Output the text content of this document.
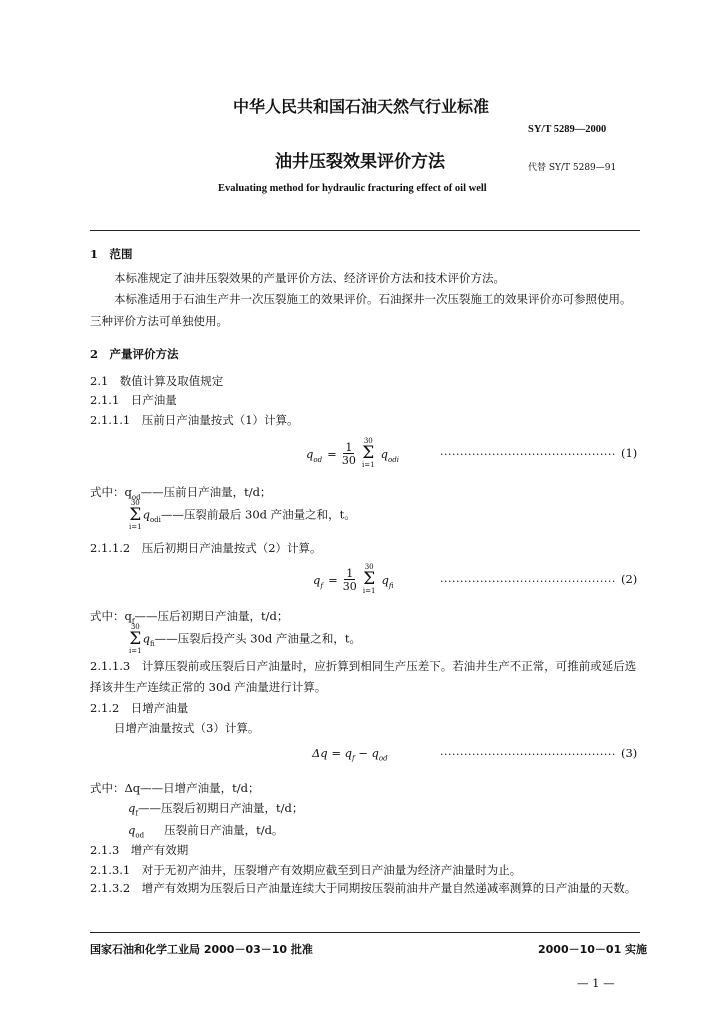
中华人民共和国石油天然气行业标准
SY/T 5289—2000
油井压裂效果评价方法	代替 SY/T 5289—91
Evaluating method for hydraulic fracturing effect of oil well
1　范围
本标准规定了油井压裂效果的产量评价方法、经济评价方法和技术评价方法。
本标准适用于石油生产井一次压裂施工的效果评价。石油探井一次压裂施工的效果评价亦可参照使用。三种评价方法可单独使用。
2　产量评价方法
2.1　数值计算及取值规定
2.1.1　日产油量
2.1.1.1　压前日产油量按式（1）计算。
$q_{od} = \frac{1}{30}$

30
Σ
i=1
$q_{odi}$	············································ (1)
式中：$q_{od}——$压前日产油量，t/d；
30
Σ
i=1
$q_{odi}——$压裂前最后 30d 产油量之和，t。
2.1.1.2　压后初期日产油量按式（2）计算。
$q_f = \frac{1}{30}$

30
Σ
i=1
$q_{fi}$	············································ (2)
式中：$q_f——$压后初期日产油量，t/d；
30
Σ
i=1
$q_{fi}——$压裂后投产头 30d 产油量之和，t。
2.1.1.3　计算压裂前或压裂后日产油量时，应折算到相同生产压差下。若油井生产不正常，可推前或延后选择该井生产连续正常的 30d 产油量进行计算。
2.1.2　日增产油量
日增产油量按式（3）计算。
$\Delta q = q_f - q_{od}$	············································ (3)
式中：Δq——日增产油量，t/d；
$q_f——$压裂后初期日产油量，t/d；
$q_{od}$ 压裂前日产油量，t/d。
2.1.3　增产有效期
2.1.3.1　对于无初产油井，压裂增产有效期应截至到日产油量为经济产油量时为止。
2.1.3.2　增产有效期为压裂后日产油量连续大于同期按压裂前油井产量自然递减率测算的日产油量的天数。
国家石油和化学工业局 2000－03－10 批准	2000－10－01 实施
— 1 —
